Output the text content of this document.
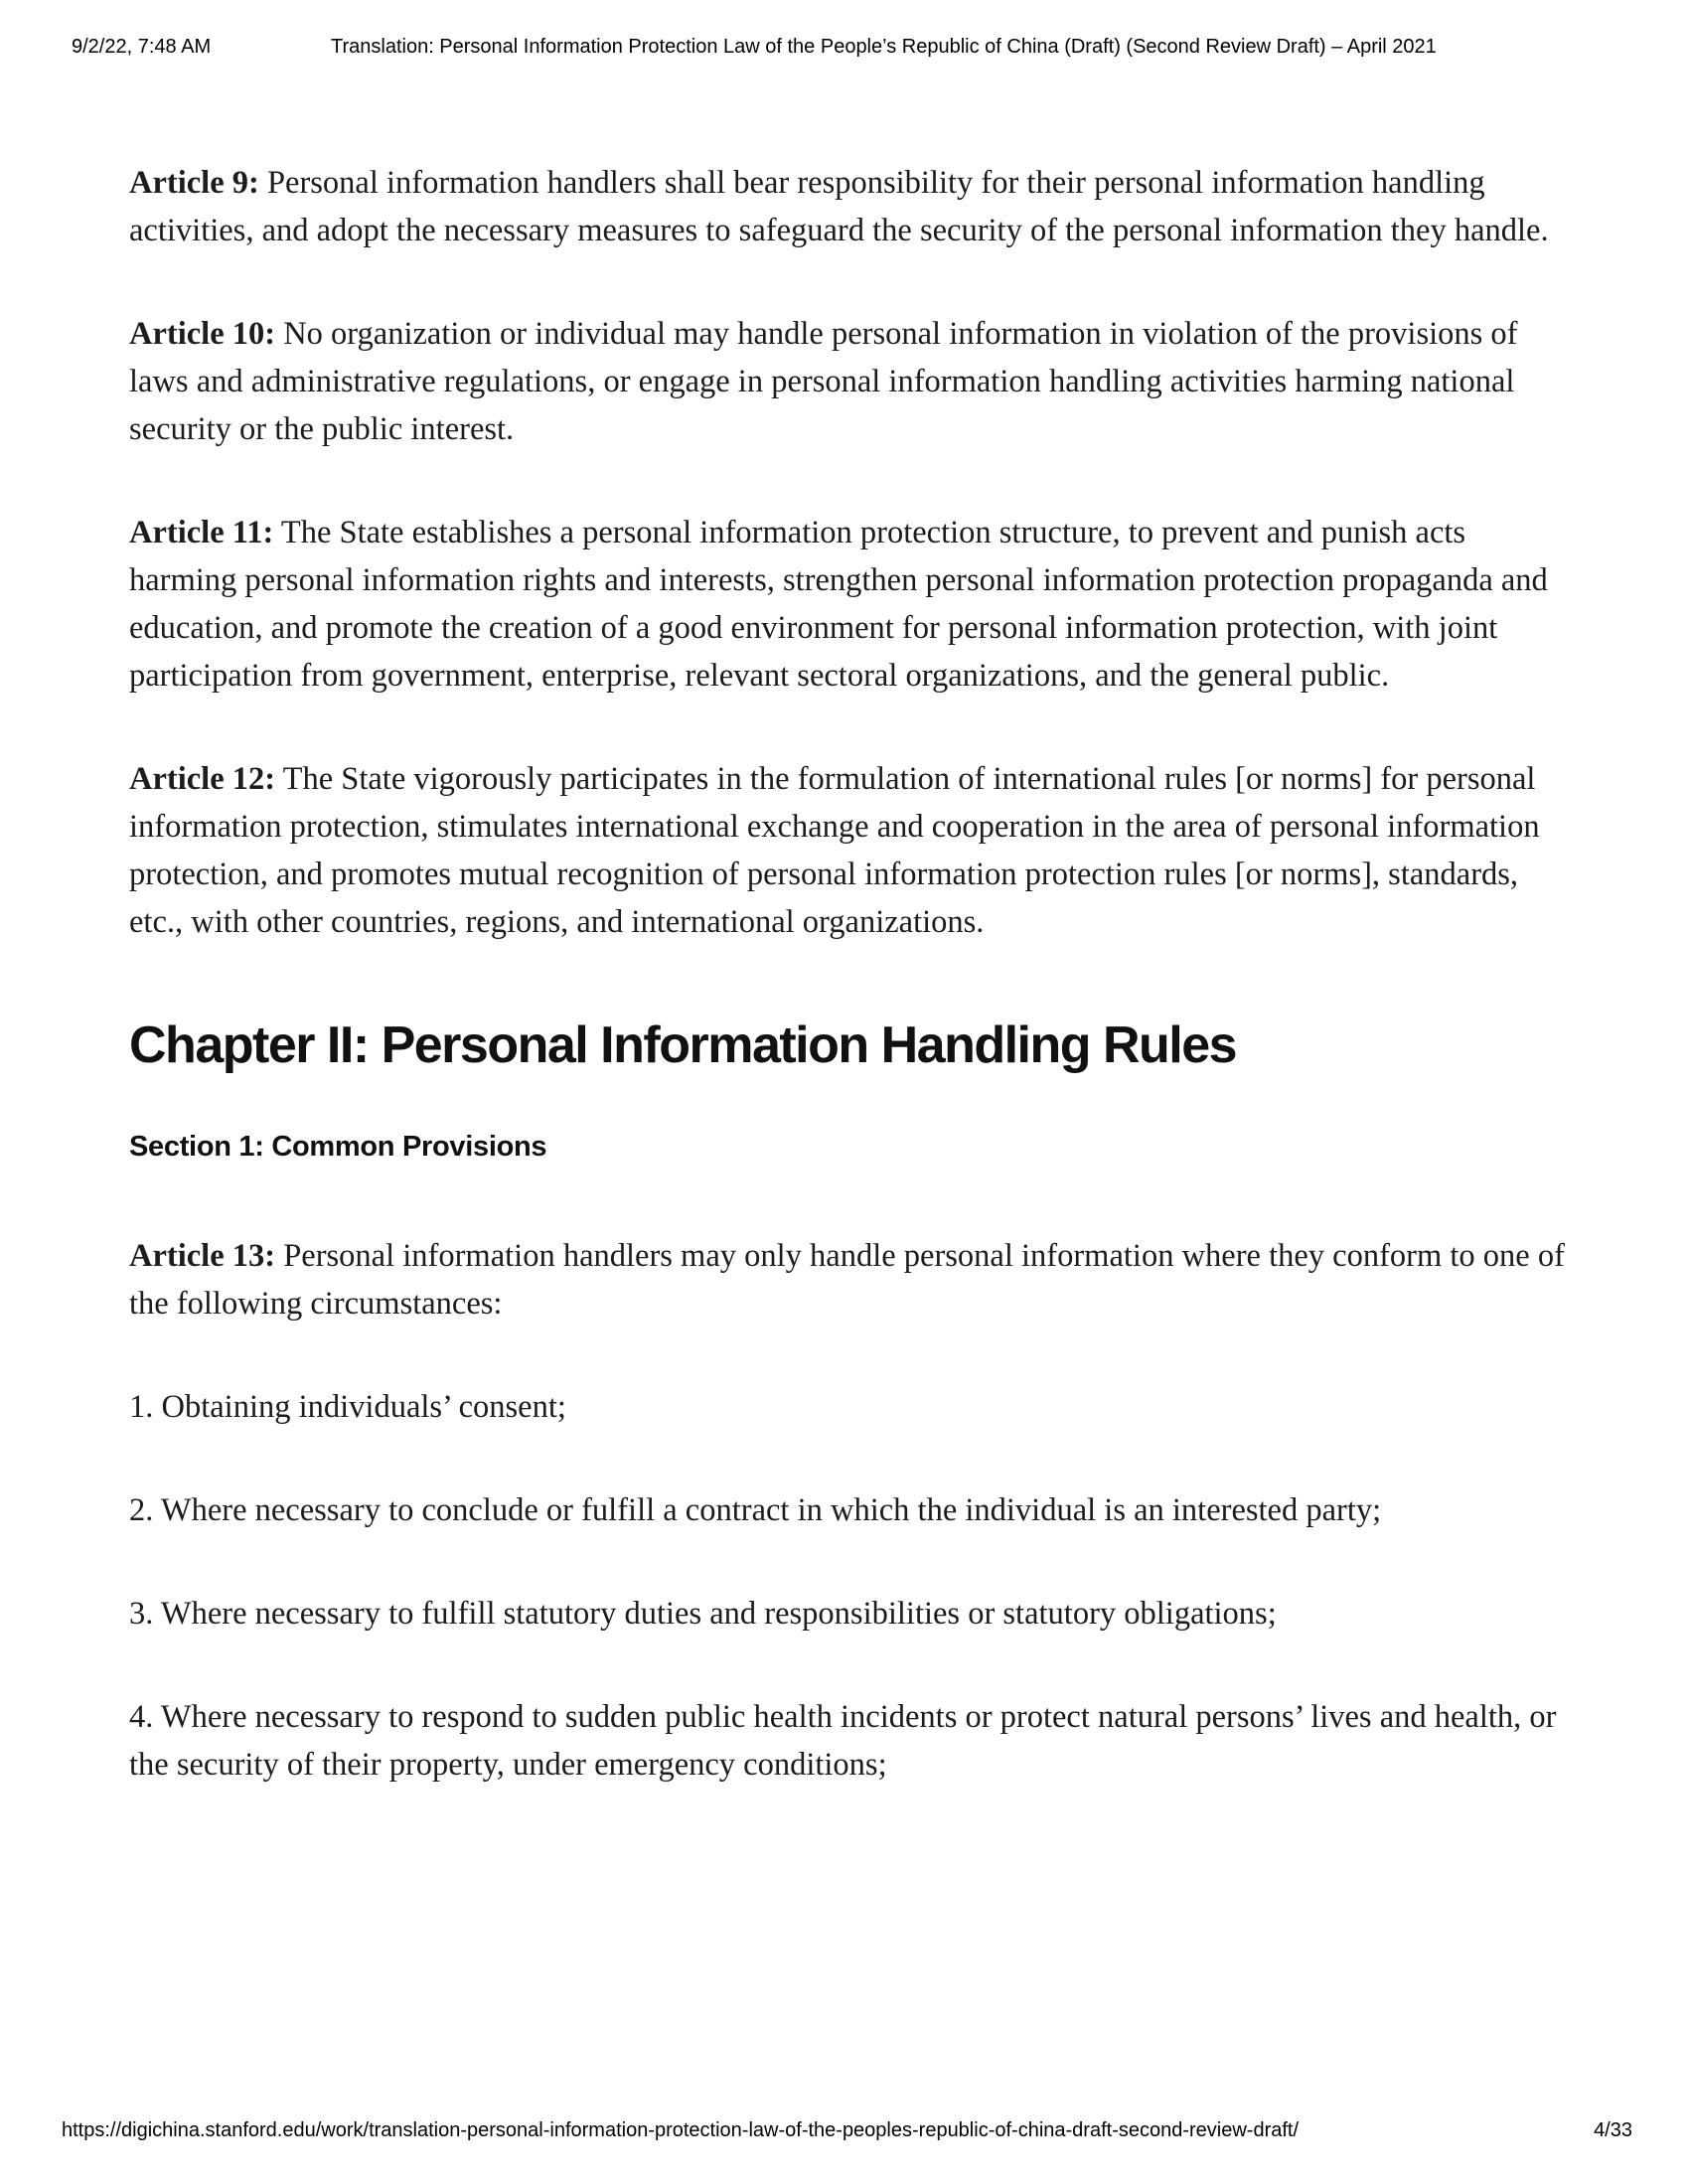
9/2/22, 7:48 AM	Translation: Personal Information Protection Law of the People’s Republic of China (Draft) (Second Review Draft) – April 2021

Article 9: Personal information handlers shall bear responsibility for their personal information handling activities, and adopt the necessary measures to safeguard the security of the personal information they handle.

Article 10: No organization or individual may handle personal information in violation of the provisions of laws and administrative regulations, or engage in personal information handling activities harming national security or the public interest.

Article 11: The State establishes a personal information protection structure, to prevent and punish acts harming personal information rights and interests, strengthen personal information protection propaganda and education, and promote the creation of a good environment for personal information protection, with joint participation from government, enterprise, relevant sectoral organizations, and the general public.

Article 12: The State vigorously participates in the formulation of international rules [or norms] for personal information protection, stimulates international exchange and cooperation in the area of personal information protection, and promotes mutual recognition of personal information protection rules [or norms], standards, etc., with other countries, regions, and international organizations.

Chapter II: Personal Information Handling Rules
Section 1: Common Provisions

Article 13: Personal information handlers may only handle personal information where they conform to one of the following circumstances:

1. Obtaining individuals’ consent;

2. Where necessary to conclude or fulfill a contract in which the individual is an interested party;

3. Where necessary to fulfill statutory duties and responsibilities or statutory obligations;

4. Where necessary to respond to sudden public health incidents or protect natural persons’ lives and health, or the security of their property, under emergency conditions;

https://digichina.stanford.edu/work/translation-personal-information-protection-law-of-the-peoples-republic-of-china-draft-second-review-draft/	4/33
